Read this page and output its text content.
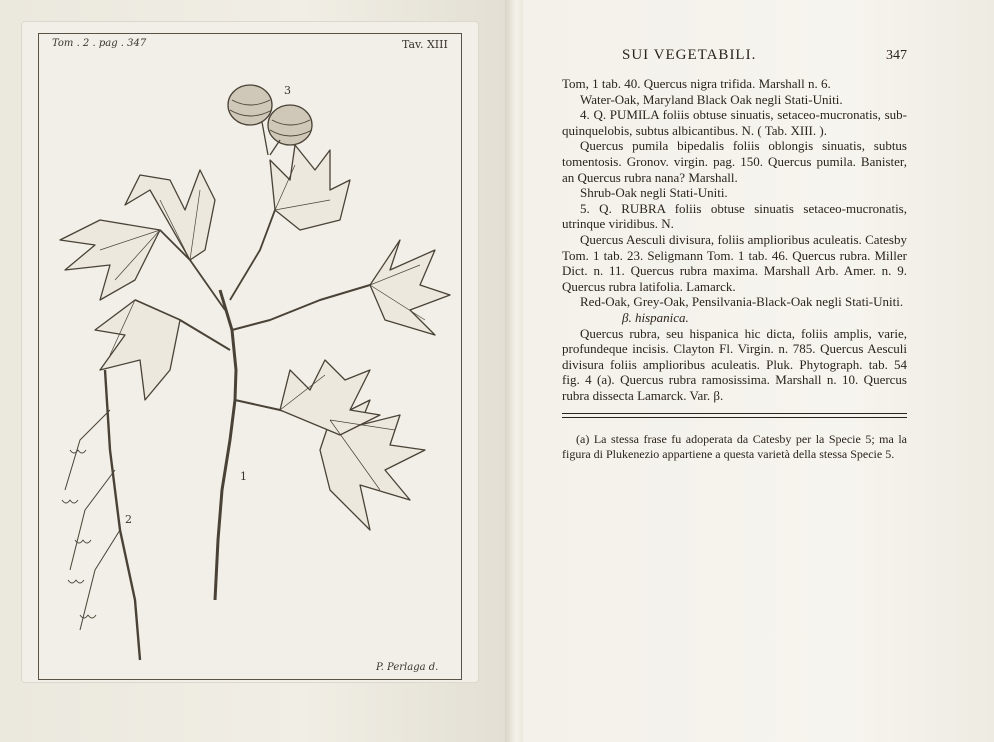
Tom . 2 . pag . 347	Tav. XIII
3
1
2
P. Perlaga d.
SUI VEGETABILI.	347

Tom, 1 tab. 40. Quercus nigra trifida. Marshall n. 6.

Water-Oak, Maryland Black Oak negli Stati-Uniti.

4. Q. PUMILA foliis obtuse sinuatis, setaceo-mucronatis, sub-quinquelobis, subtus albicantibus. N. ( Tab. XIII. ).

Quercus pumila bipedalis foliis oblongis sinuatis, subtus tomentosis. Gronov. virgin. pag. 150. Quercus pumila. Banister, an Quercus rubra nana? Marshall.

Shrub-Oak negli Stati-Uniti.

5. Q. RUBRA foliis obtuse sinuatis setaceo-mucronatis, utrinque viridibus. N.

Quercus Aesculi divisura, foliis amplioribus aculeatis. Catesby Tom. 1 tab. 23. Seligmann Tom. 1 tab. 46. Quercus rubra. Miller Dict. n. 11. Quercus rubra maxima. Marshall Arb. Amer. n. 9. Quercus rubra latifolia. Lamarck.

Red-Oak, Grey-Oak, Pensilvania-Black-Oak negli Stati-Uniti.

β. hispanica.

Quercus rubra, seu hispanica hic dicta, foliis amplis, varie, profundeque incisis. Clayton Fl. Virgin. n. 785. Quercus Aesculi divisura foliis amplioribus aculeatis. Pluk. Phytograph. tab. 54 fig. 4 (a). Quercus rubra ramosissima. Marshall n. 10. Quercus rubra dissecta Lamarck. Var. β.

(a) La stessa frase fu adoperata da Catesby per la Specie 5; ma la figura di Plukenezio appartiene a questa varietà della stessa Specie 5.
